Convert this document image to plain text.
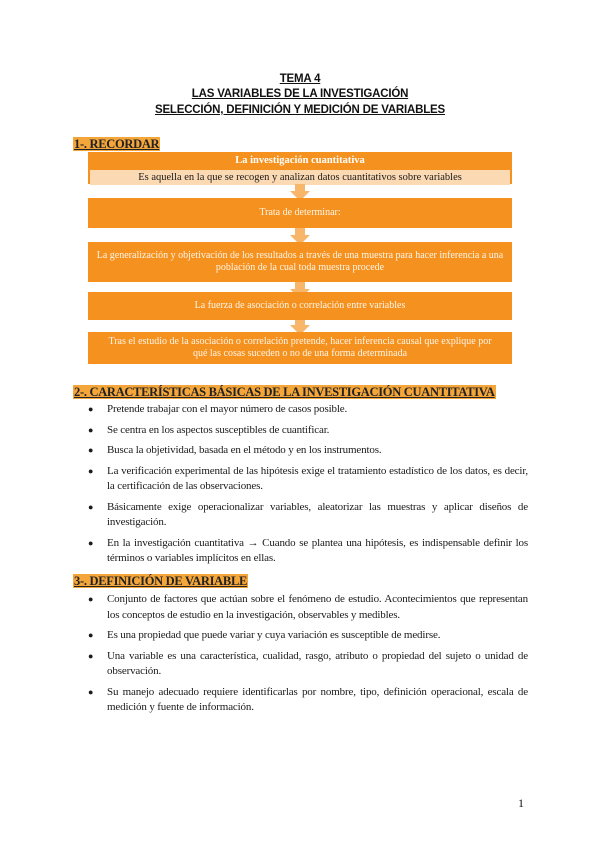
TEMA 4
LAS VARIABLES DE LA INVESTIGACIÓN
SELECCIÓN, DEFINICIÓN Y MEDICIÓN DE VARIABLES
1-. RECORDAR
La investigación cuantitativa
Es aquella en la que se recogen y analizan datos cuantitativos sobre variables
Trata de determinar:
La generalización y objetivación de los resultados a través de una muestra para hacer inferencia a una población de la cual toda muestra procede
La fuerza de asociación o correlación entre variables
Tras el estudio de la asociación o correlación pretende, hacer inferencia causal que explique por qué las cosas suceden o no de una forma determinada
2-. CARACTERÍSTICAS BÁSICAS DE LA INVESTIGACIÓN CUANTITATIVA
● Pretende trabajar con el mayor número de casos posible.
● Se centra en los aspectos susceptibles de cuantificar.
● Busca la objetividad, basada en el método y en los instrumentos.
● La verificación experimental de las hipótesis exige el tratamiento estadístico de los datos, es decir, la certificación de las observaciones.
● Básicamente exige operacionalizar variables, aleatorizar las muestras y aplicar diseños de investigación.
● En la investigación cuantitativa → Cuando se plantea una hipótesis, es indispensable definir los términos o variables implícitos en ellas.
3-. DEFINICIÓN DE VARIABLE
● Conjunto de factores que actúan sobre el fenómeno de estudio. Acontecimientos que representan los conceptos de estudio en la investigación, observables y medibles.
● Es una propiedad que puede variar y cuya variación es susceptible de medirse.
● Una variable es una característica, cualidad, rasgo, atributo o propiedad del sujeto o unidad de observación.
● Su manejo adecuado requiere identificarlas por nombre, tipo, definición operacional, escala de medición y fuente de información.
1
